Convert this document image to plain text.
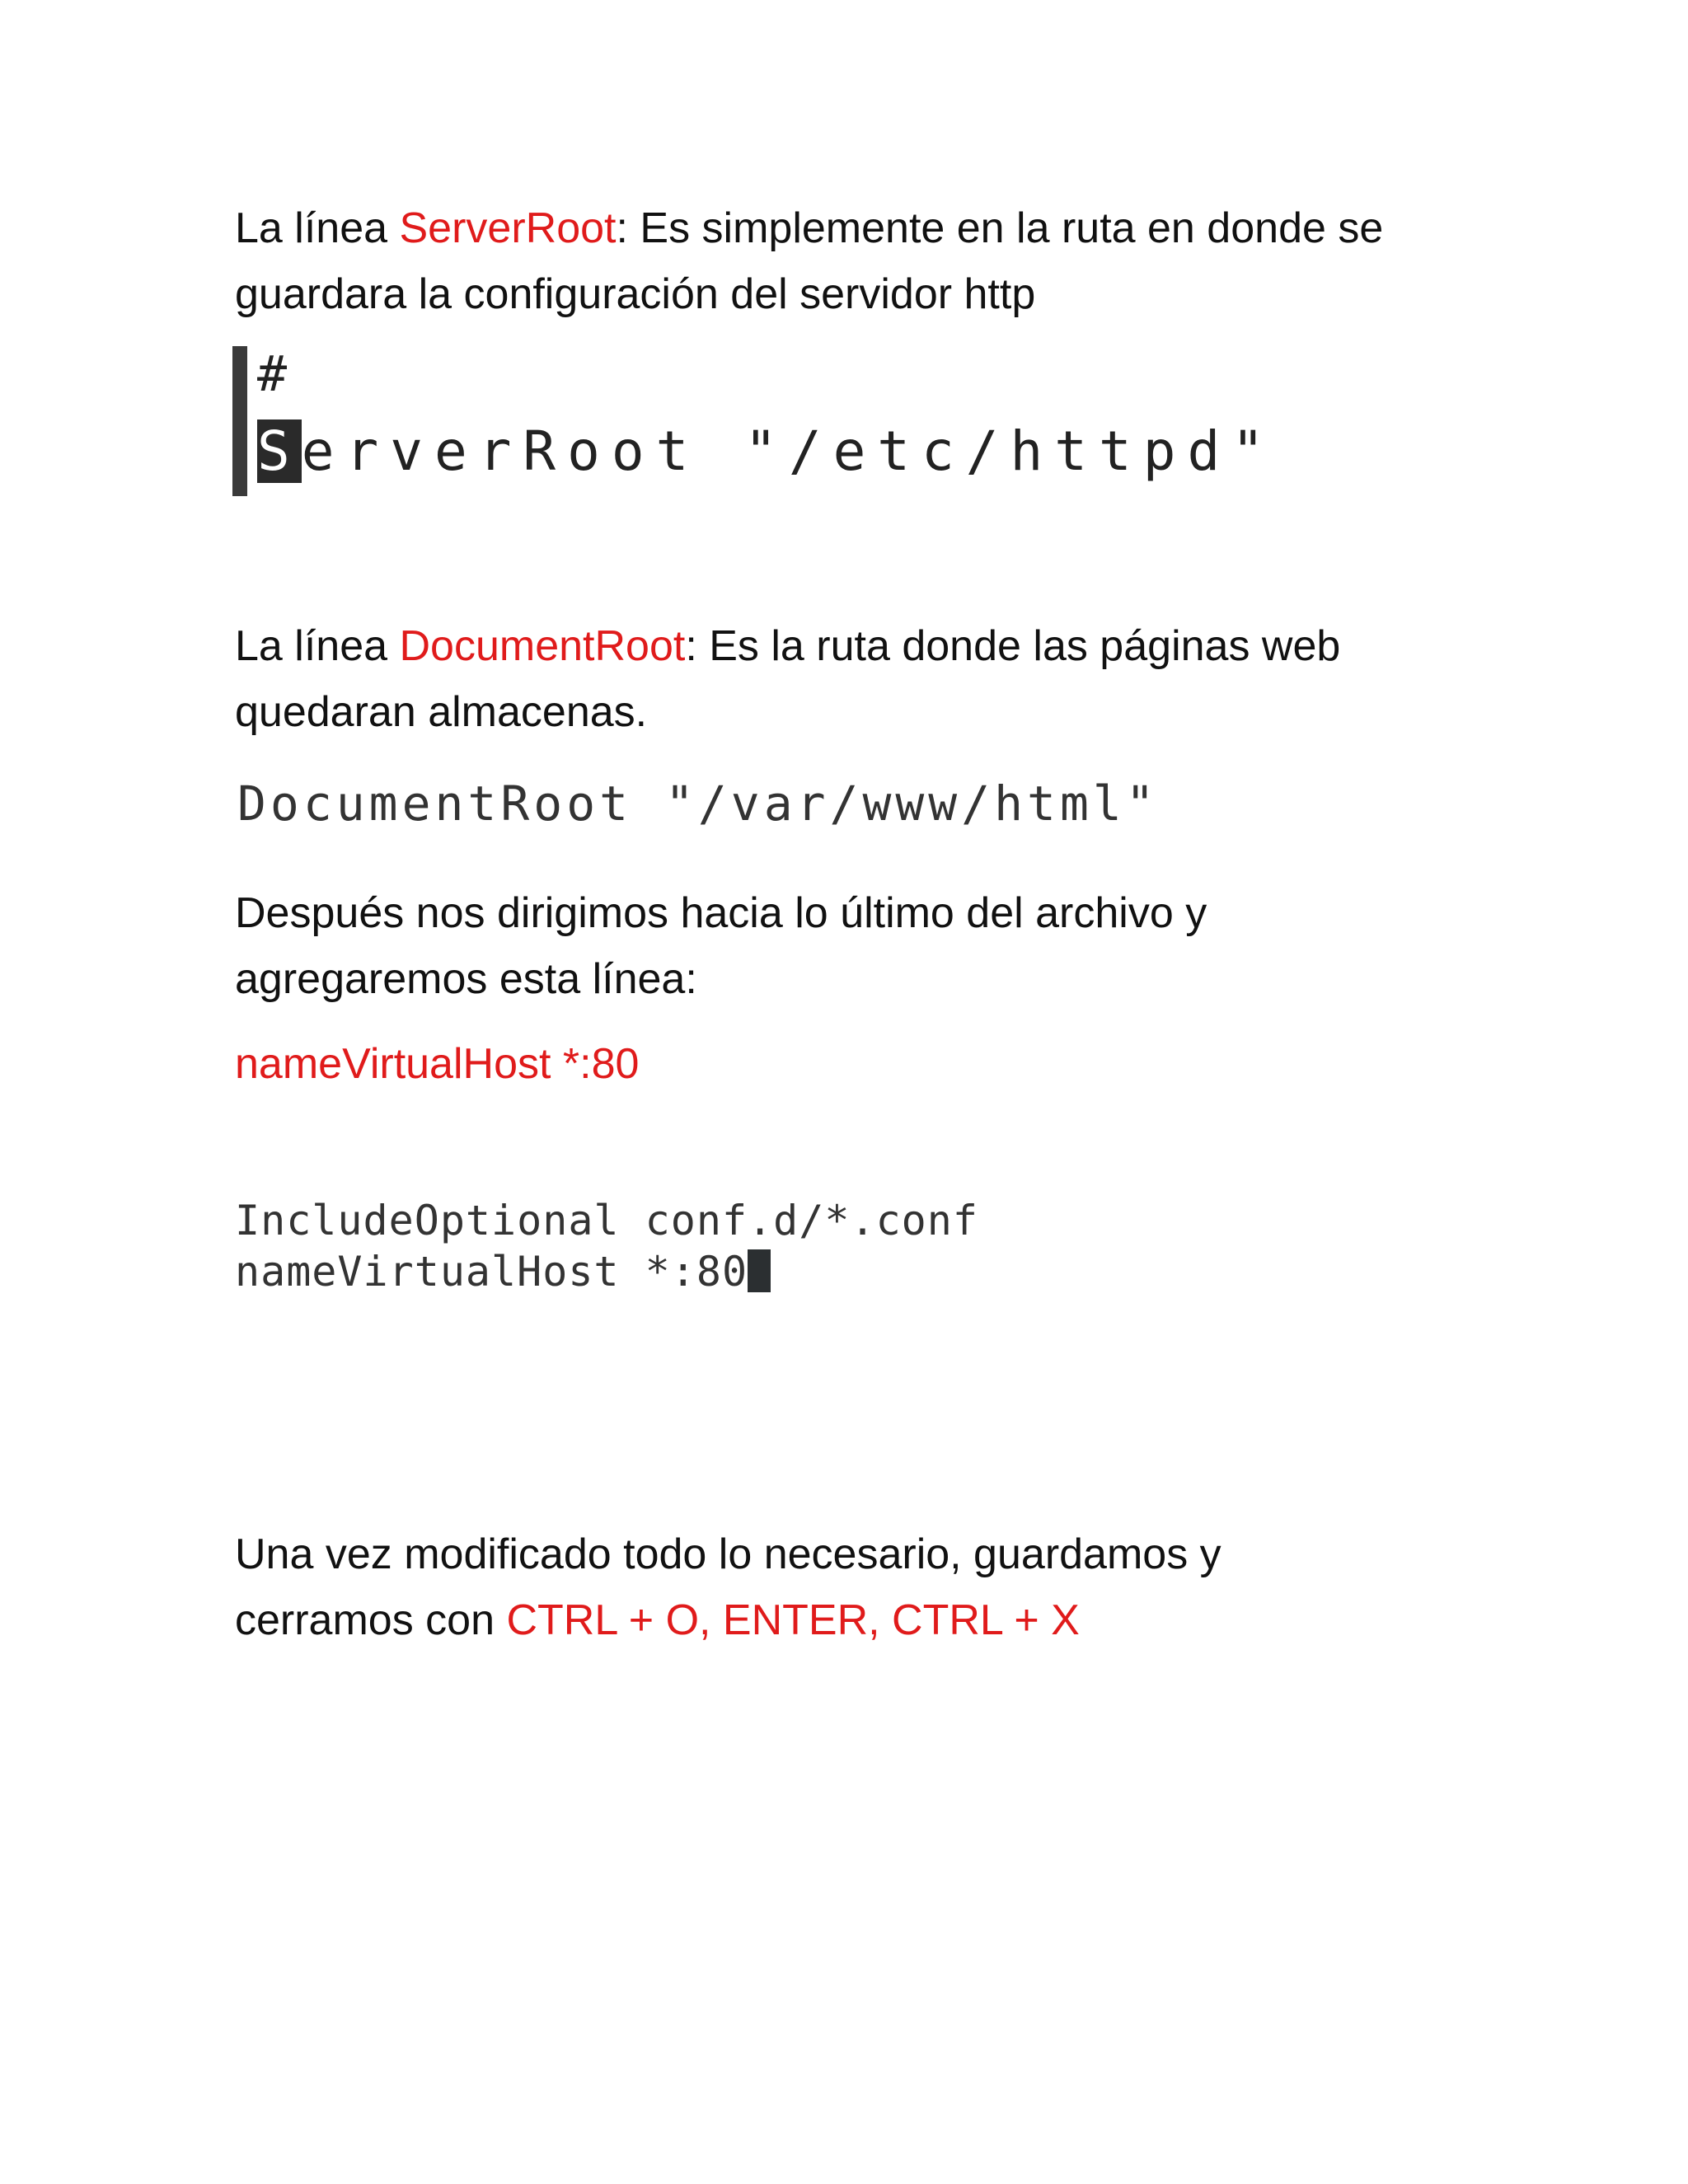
La línea ServerRoot: Es simplemente en la ruta en donde se
guardara la configuración del servidor http

#
ServerRoot "/etc/httpd"

La línea DocumentRoot: Es la ruta donde las páginas web
quedaran almacenas.

DocumentRoot "/var/www/html"

Después nos dirigimos hacia lo último del archivo y
agregaremos esta línea:

nameVirtualHost *:80

IncludeOptional conf.d/*.conf
nameVirtualHost *:80

Una vez modificado todo lo necesario, guardamos y
cerramos con CTRL + O, ENTER, CTRL + X
